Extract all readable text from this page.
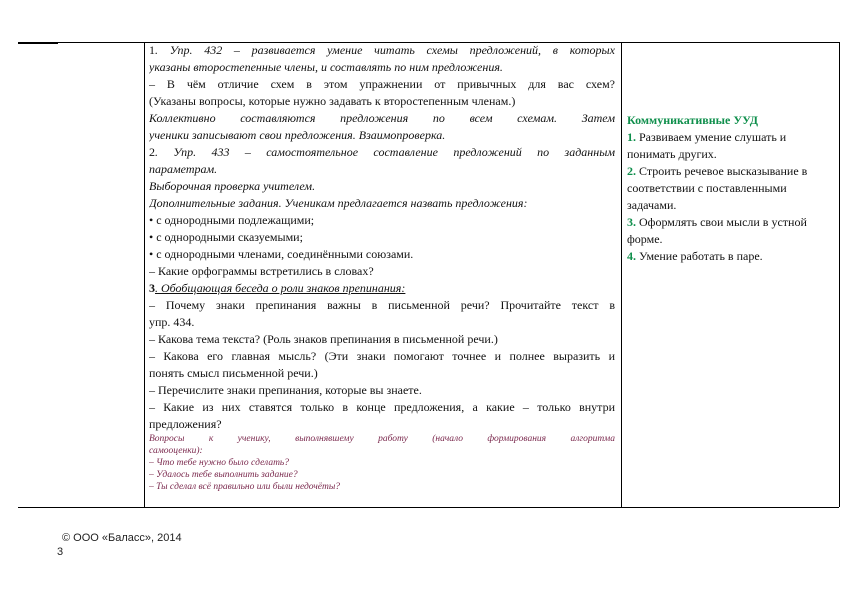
1. Упр. 432 – развивается умение читать схемы предложений, в которых
указаны второстепенные члены, и составлять по ним предложения.
– В чём отличие схем в этом упражнении от привычных для вас схем?
(Указаны вопросы, которые нужно задавать к второстепенным членам.)
Коллективно составляются предложения по всем схемам. Затем
ученики записывают свои предложения. Взаимопроверка.
2. Упр. 433 – самостоятельное составление предложений по заданным
параметрам.
Выборочная проверка учителем.
Дополнительные задания. Ученикам предлагается назвать предложения:
• с однородными подлежащими;
• с однородными сказуемыми;
• с однородными членами, соединёнными союзами.
– Какие орфограммы встретились в словах?
3. Обобщающая беседа о роли знаков препинания:
– Почему знаки препинания важны в письменной речи? Прочитайте текст в
упр. 434.
– Какова тема текста? (Роль знаков препинания в письменной речи.)
– Какова его главная мысль? (Эти знаки помогают точнее и полнее выразить и
понять смысл письменной речи.)
– Перечислите знаки препинания, которые вы знаете.
– Какие из них ставятся только в конце предложения, а какие – только внутри
предложения?
Вопросы к ученику, выполнявшему работу (начало формирования алгоритма
самооценки):
– Что тебе нужно было сделать?
– Удалось тебе выполнить задание?
– Ты сделал всё правильно или были недочёты?
Коммуникативные УУД
1. Развиваем умение слушать и понимать других.
2. Строить речевое высказывание в соответствии с поставленными задачами.
3. Оформлять свои мысли в устной форме.
4. Умение работать в паре.
© ООО «Баласс», 2014
3
